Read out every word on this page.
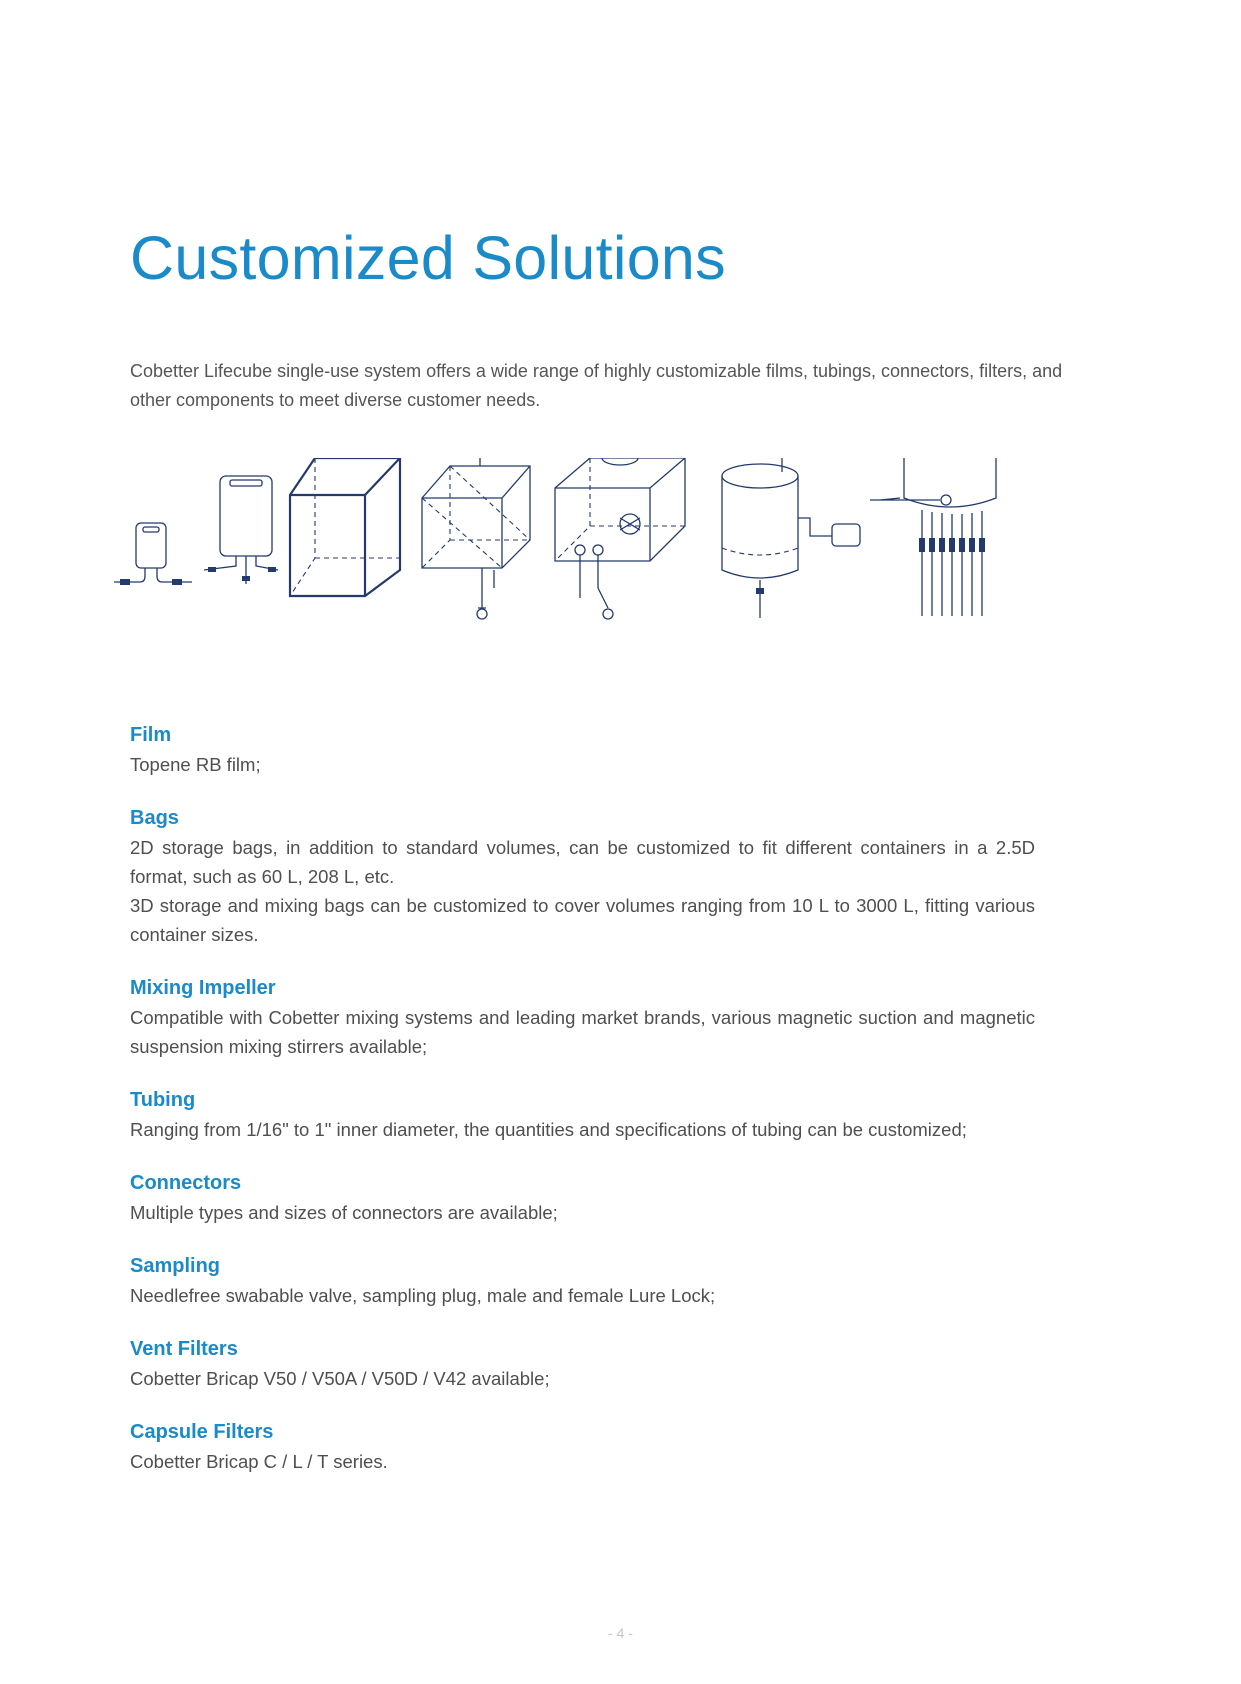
Customized Solutions

Cobetter Lifecube single-use system offers a wide range of highly customizable films, tubings, connectors, filters, and other components to meet diverse customer needs.

Film

Topene RB film;

Bags

2D storage bags, in addition to standard volumes, can be customized to fit different containers in a 2.5D format, such as 60 L, 208 L, etc.

3D storage and mixing bags can be customized to cover volumes ranging from 10 L to 3000 L, fitting various container sizes.

Mixing Impeller

Compatible with Cobetter mixing systems and leading market brands, various magnetic suction and magnetic suspension mixing stirrers available;

Tubing

Ranging from 1/16" to 1" inner diameter, the quantities and specifications of tubing can be customized;

Connectors

Multiple types and sizes of connectors are available;

Sampling

Needlefree swabable valve, sampling plug, male and female Lure Lock;

Vent Filters

Cobetter Bricap V50 / V50A / V50D / V42 available;

Capsule Filters

Cobetter Bricap C / L / T series.

- 4 -
